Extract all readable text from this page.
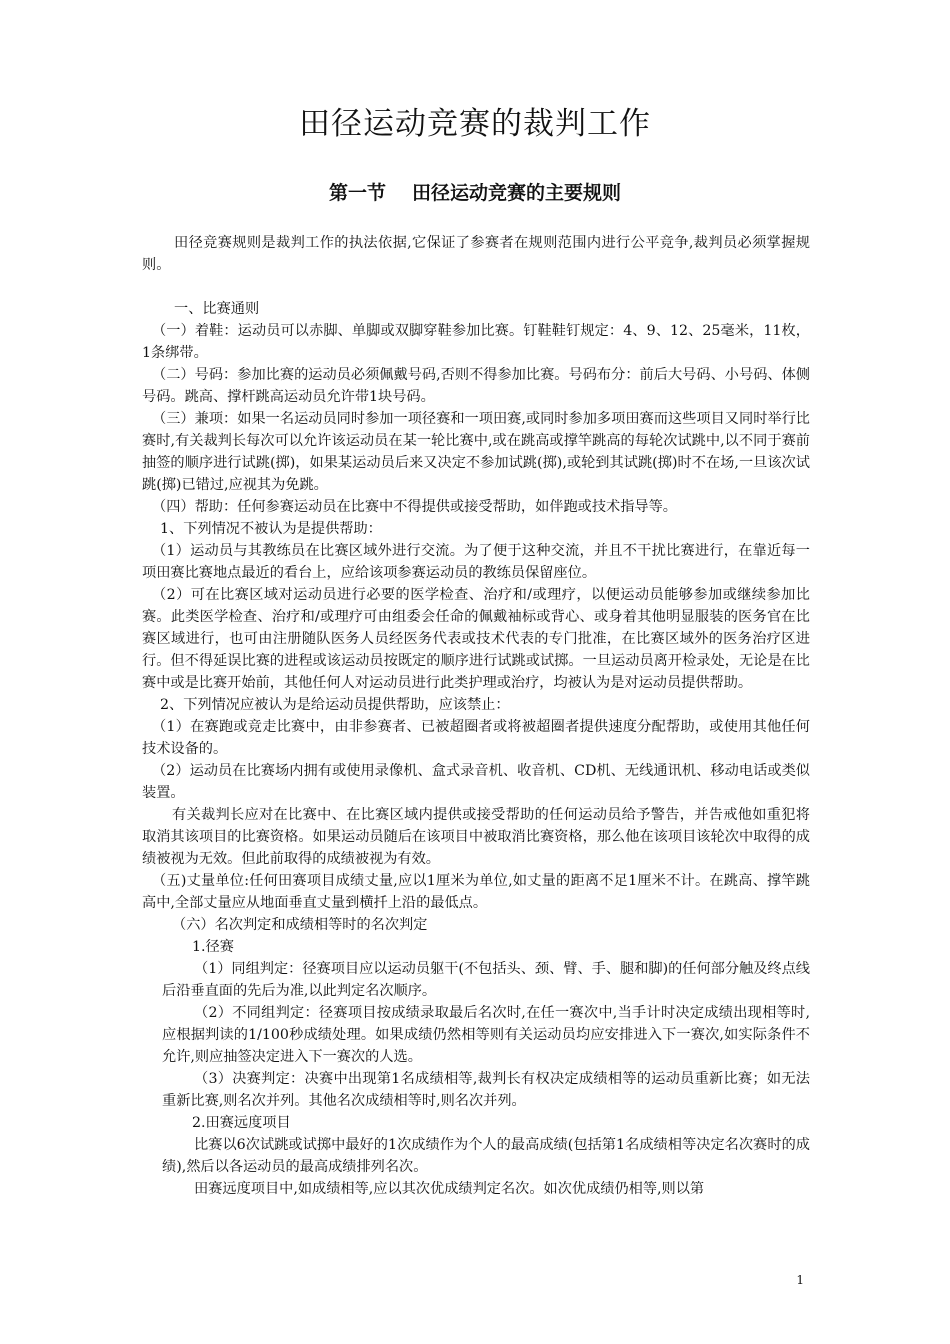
田径运动竞赛的裁判工作
第一节 田径运动竞赛的主要规则

田径竞赛规则是裁判工作的执法依据,它保证了参赛者在规则范围内进行公平竞争,裁判员必须掌握规则。

一、比赛通则

（一）着鞋：运动员可以赤脚、单脚或双脚穿鞋参加比赛。钉鞋鞋钉规定：4、9、12、25毫米，11枚，1条绑带。

（二）号码：参加比赛的运动员必须佩戴号码,否则不得参加比赛。号码布分：前后大号码、小号码、体侧号码。跳高、撑杆跳高运动员允许带1块号码。

（三）兼项：如果一名运动员同时参加一项径赛和一项田赛,或同时参加多项田赛而这些项目又同时举行比赛时,有关裁判长每次可以允许该运动员在某一轮比赛中,或在跳高或撑竿跳高的每轮次试跳中,以不同于赛前抽签的顺序进行试跳(掷)，如果某运动员后来又决定不参加试跳(掷),或轮到其试跳(掷)时不在场,一旦该次试跳(掷)已错过,应视其为免跳。

（四）帮助：任何参赛运动员在比赛中不得提供或接受帮助，如伴跑或技术指导等。

1、下列情况不被认为是提供帮助：

（1）运动员与其教练员在比赛区域外进行交流。为了便于这种交流，并且不干扰比赛进行，在靠近每一项田赛比赛地点最近的看台上，应给该项参赛运动员的教练员保留座位。

（2）可在比赛区域对运动员进行必要的医学检查、治疗和/或理疗，以便运动员能够参加或继续参加比赛。此类医学检查、治疗和/或理疗可由组委会任命的佩戴袖标或背心、或身着其他明显服装的医务官在比赛区域进行，也可由注册随队医务人员经医务代表或技术代表的专门批准，在比赛区域外的医务治疗区进行。但不得延误比赛的进程或该运动员按既定的顺序进行试跳或试掷。一旦运动员离开检录处，无论是在比赛中或是比赛开始前，其他任何人对运动员进行此类护理或治疗，均被认为是对运动员提供帮助。

2、下列情况应被认为是给运动员提供帮助，应该禁止：

（1）在赛跑或竞走比赛中，由非参赛者、已被超圈者或将被超圈者提供速度分配帮助，或使用其他任何技术设备的。

（2）运动员在比赛场内拥有或使用录像机、盒式录音机、收音机、CD机、无线通讯机、移动电话或类似装置。

有关裁判长应对在比赛中、在比赛区域内提供或接受帮助的任何运动员给予警告，并告戒他如重犯将取消其该项目的比赛资格。如果运动员随后在该项目中被取消比赛资格，那么他在该项目该轮次中取得的成绩被视为无效。但此前取得的成绩被视为有效。

（五)丈量单位:任何田赛项目成绩丈量,应以1厘米为单位,如丈量的距离不足1厘米不计。在跳高、撑竿跳高中,全部丈量应从地面垂直丈量到横扦上沿的最低点。

（六）名次判定和成绩相等时的名次判定

1.径赛

（1）同组判定：径赛项目应以运动员躯干(不包括头、颈、臂、手、腿和脚)的任何部分触及终点线后沿垂直面的先后为准,以此判定名次顺序。

（2）不同组判定：径赛项目按成绩录取最后名次时,在任一赛次中,当手计时决定成绩出现相等时,应根据判读的1/100秒成绩处理。如果成绩仍然相等则有关运动员均应安排进入下一赛次,如实际条件不允许,则应抽签决定进入下一赛次的人选。

（3）决赛判定：决赛中出现第1名成绩相等,裁判长有权决定成绩相等的运动员重新比赛；如无法重新比赛,则名次并列。其他名次成绩相等时,则名次并列。

2.田赛远度项目

比赛以6次试跳或试掷中最好的1次成绩作为个人的最高成绩(包括第1名成绩相等决定名次赛时的成绩),然后以各运动员的最高成绩排列名次。

田赛远度项目中,如成绩相等,应以其次优成绩判定名次。如次优成绩仍相等,则以第

1
